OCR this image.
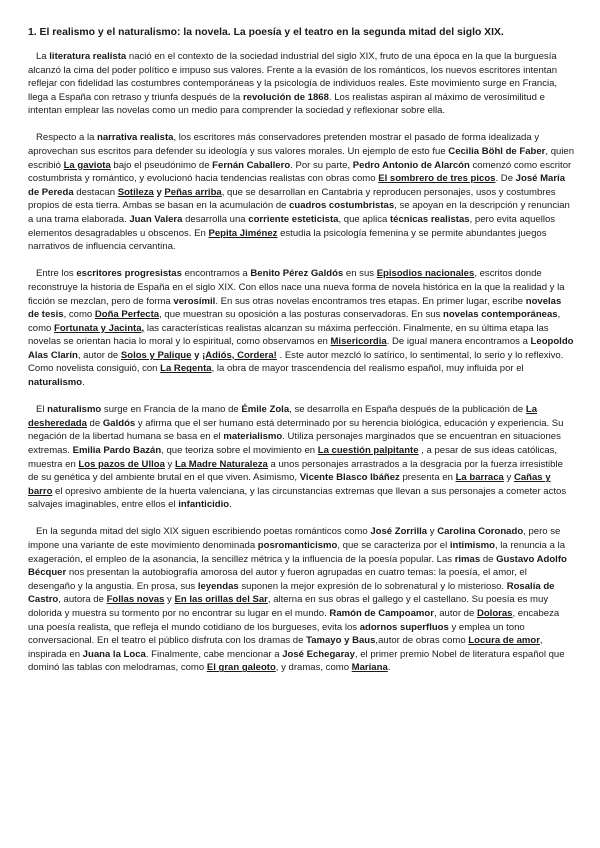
1. El realismo y el naturalismo: la novela. La poesía y el teatro en la segunda mitad del siglo XIX.

La literatura realista nació en el contexto de la sociedad industrial del siglo XIX, fruto de una época en la que la burguesía alcanzó la cima del poder político e impuso sus valores. Frente a la evasión de los románticos, los nuevos escritores intentan reflejar con fidelidad las costumbres contemporáneas y la psicología de individuos reales. Este movimiento surge en Francia, llega a España con retraso y triunfa después de la revolución de 1868. Los realistas aspiran al máximo de verosimilitud e intentan emplear las novelas como un medio para comprender la sociedad y reflexionar sobre ella.

Respecto a la narrativa realista, los escritores más conservadores pretenden mostrar el pasado de forma idealizada y aprovechan sus escritos para defender su ideología y sus valores morales. Un ejemplo de esto fue Cecilia Böhl de Faber, quien escribió La gaviota bajo el pseudónimo de Fernán Caballero. Por su parte, Pedro Antonio de Alarcón comenzó como escritor costumbrista y romántico, y evolucionó hacia tendencias realistas con obras como El sombrero de tres picos. De José María de Pereda destacan Sotileza y Peñas arriba, que se desarrollan en Cantabria y reproducen personajes, usos y costumbres propios de esta tierra. Ambas se basan en la acumulación de cuadros costumbristas, se apoyan en la descripción y renuncian a una trama elaborada. Juan Valera desarrolla una corriente esteticista, que aplica técnicas realistas, pero evita aquellos elementos desagradables u obscenos. En Pepita Jiménez estudia la psicología femenina y se permite abundantes juegos narrativos de influencia cervantina.

Entre los escritores progresistas encontramos a Benito Pérez Galdós en sus Episodios nacionales, escritos donde reconstruye la historia de España en el siglo XIX. Con ellos nace una nueva forma de novela histórica en la que la realidad y la ficción se mezclan, pero de forma verosímil. En sus otras novelas encontramos tres etapas. En primer lugar, escribe novelas de tesis, como Doña Perfecta, que muestran su oposición a las posturas conservadoras. En sus novelas contemporáneas, como Fortunata y Jacinta, las características realistas alcanzan su máxima perfección. Finalmente, en su última etapa las novelas se orientan hacia lo moral y lo espiritual, como observamos en Misericordia. De igual manera encontramos a Leopoldo Alas Clarín, autor de Solos y Palique y ¡Adiós, Cordera! . Este autor mezcló lo satírico, lo sentimental, lo serio y lo reflexivo. Como novelista consiguió, con La Regenta, la obra de mayor trascendencia del realismo español, muy influida por el naturalismo.

El naturalismo surge en Francia de la mano de Émile Zola, se desarrolla en España después de la publicación de La desheredada de Galdós y afirma que el ser humano está determinado por su herencia biológica, educación y experiencia. Su negación de la libertad humana se basa en el materialismo. Utiliza personajes marginados que se encuentran en situaciones extremas. Emilia Pardo Bazán, que teoriza sobre el movimiento en La cuestión palpitante , a pesar de sus ideas católicas, muestra en Los pazos de Ulloa y La Madre Naturaleza a unos personajes arrastrados a la desgracia por la fuerza irresistible de su genética y del ambiente brutal en el que viven. Asimismo, Vicente Blasco Ibáñez presenta en La barraca y Cañas y barro el opresivo ambiente de la huerta valenciana, y las circunstancias extremas que llevan a sus personajes a cometer actos salvajes imaginables, entre ellos el infanticidio.

En la segunda mitad del siglo XIX siguen escribiendo poetas románticos como José Zorrilla y Carolina Coronado, pero se impone una variante de este movimiento denominada posromanticismo, que se caracteriza por el intimismo, la renuncia a la exageración, el empleo de la asonancia, la sencillez métrica y la influencia de la poesía popular. Las rimas de Gustavo Adolfo Bécquer nos presentan la autobiografía amorosa del autor y fueron agrupadas en cuatro temas: la poesía, el amor, el desengaño y la angustia. En prosa, sus leyendas suponen la mejor expresión de lo sobrenatural y lo misterioso. Rosalía de Castro, autora de Follas novas y En las orillas del Sar, alterna en sus obras el gallego y el castellano. Su poesía es muy dolorida y muestra su tormento por no encontrar su lugar en el mundo. Ramón de Campoamor, autor de Doloras, encabeza una poesía realista, que refleja el mundo cotidiano de los burgueses, evita los adornos superfluos y emplea un tono conversacional. En el teatro el público disfruta con los dramas de Tamayo y Baus,autor de obras como Locura de amor, inspirada en Juana la Loca. Finalmente, cabe mencionar a José Echegaray, el primer premio Nobel de literatura español que dominó las tablas con melodramas, como El gran galeoto, y dramas, como Mariana.
